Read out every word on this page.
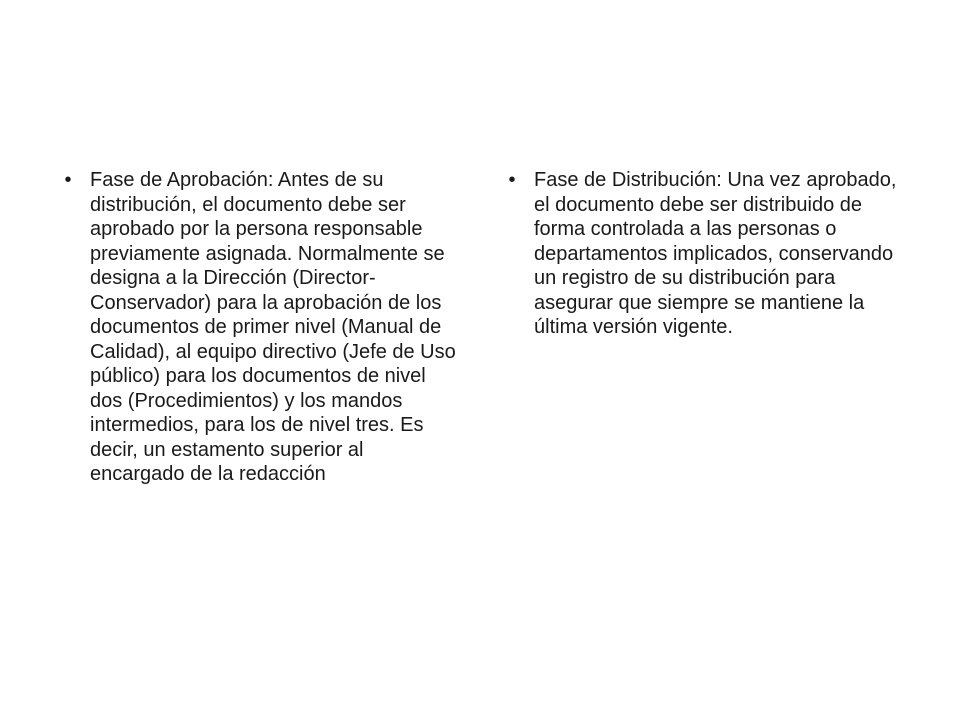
• Fase de Aprobación: Antes de su distribución, el documento debe ser aprobado por la persona responsable previamente asignada. Normalmente se designa a la Dirección (Director-Conservador) para la aprobación de los documentos de primer nivel (Manual de Calidad), al equipo directivo (Jefe de Uso público) para los documentos de nivel dos (Procedimientos) y los mandos intermedios, para los de nivel tres. Es decir, un estamento superior al encargado de la redacción
• Fase de Distribución: Una vez aprobado, el documento debe ser distribuido de forma controlada a las personas o departamentos implicados, conservando un registro de su distribución para asegurar que siempre se mantiene la última versión vigente.
